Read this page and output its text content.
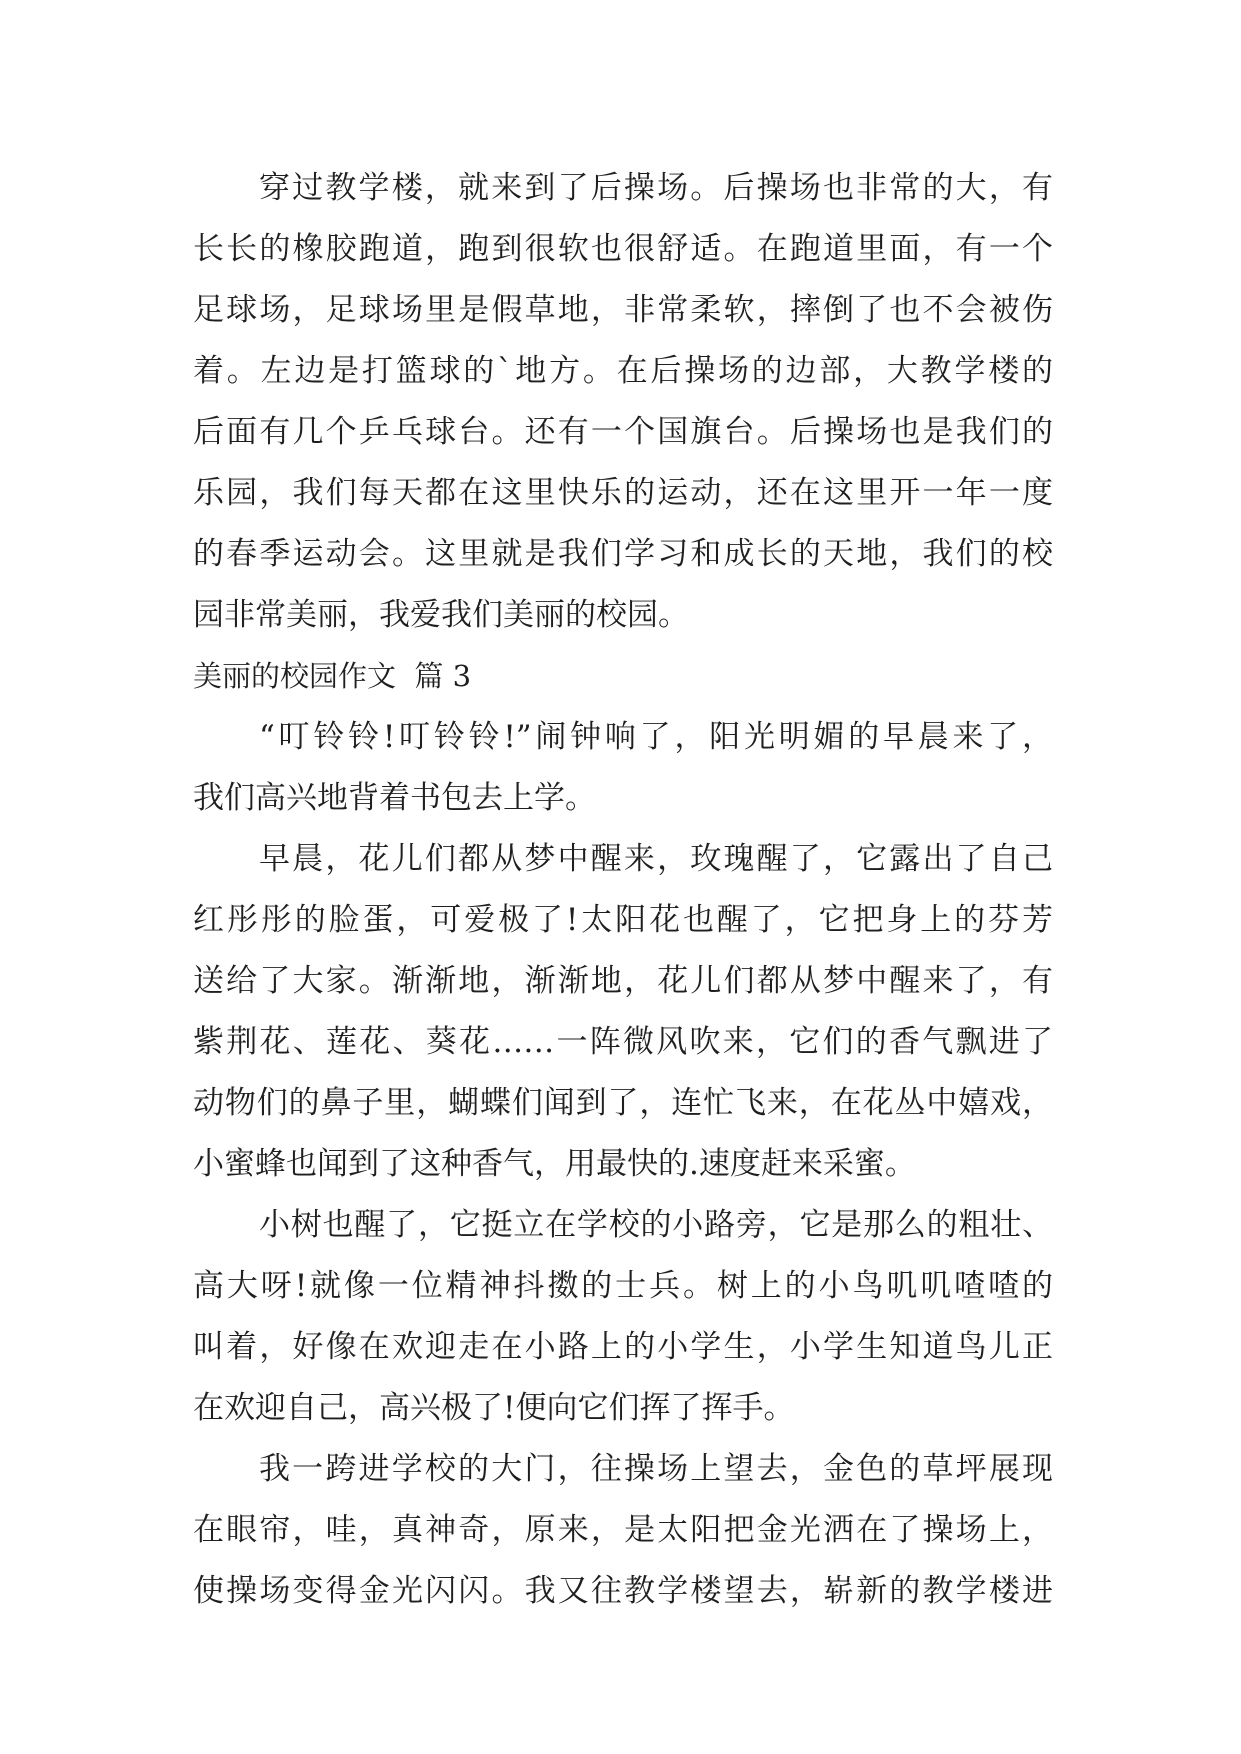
穿过教学楼，就来到了后操场。后操场也非常的大，有
长长的橡胶跑道，跑到很软也很舒适。在跑道里面，有一个
足球场，足球场里是假草地，非常柔软，摔倒了也不会被伤
着。左边是打篮球的`地方。在后操场的边部，大教学楼的
后面有几个乒乓球台。还有一个国旗台。后操场也是我们的
乐园，我们每天都在这里快乐的运动，还在这里开一年一度
的春季运动会。这里就是我们学习和成长的天地，我们的校
园非常美丽，我爱我们美丽的校园。
美丽的校园作文  篇 3
“叮铃铃!叮铃铃!”闹钟响了，阳光明媚的早晨来了，
我们高兴地背着书包去上学。
早晨，花儿们都从梦中醒来，玫瑰醒了，它露出了自己
红彤彤的脸蛋，可爱极了!太阳花也醒了，它把身上的芬芳
送给了大家。渐渐地，渐渐地，花儿们都从梦中醒来了，有
紫荆花、莲花、葵花……一阵微风吹来，它们的香气飘进了
动物们的鼻子里，蝴蝶们闻到了，连忙飞来，在花丛中嬉戏，
小蜜蜂也闻到了这种香气，用最快的.速度赶来采蜜。
小树也醒了，它挺立在学校的小路旁，它是那么的粗壮、
高大呀!就像一位精神抖擞的士兵。树上的小鸟叽叽喳喳的
叫着，好像在欢迎走在小路上的小学生，小学生知道鸟儿正
在欢迎自己，高兴极了!便向它们挥了挥手。
我一跨进学校的大门，往操场上望去，金色的草坪展现
在眼帘，哇，真神奇，原来，是太阳把金光洒在了操场上，
使操场变得金光闪闪。我又往教学楼望去，崭新的教学楼进
